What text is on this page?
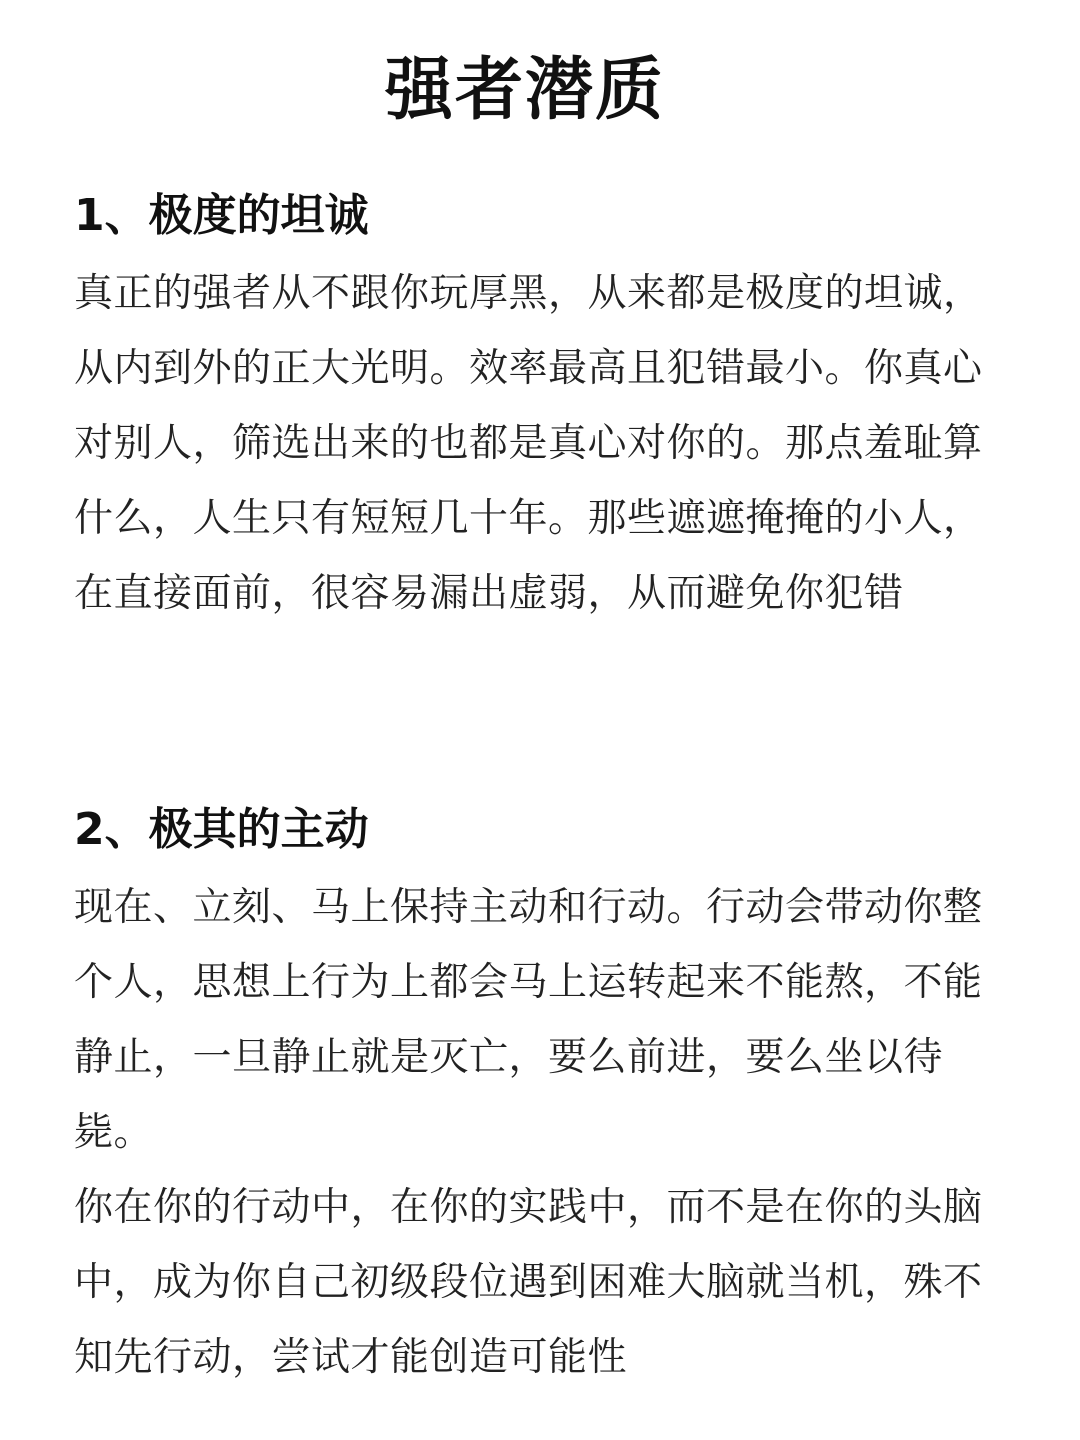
强者潜质
1、极度的坦诚
真正的强者从不跟你玩厚黑，从来都是极度的坦诚，从内到外的正大光明。效率最高且犯错最小。你真心对别人，筛选出来的也都是真心对你的。那点羞耻算什么，人生只有短短几十年。那些遮遮掩掩的小人，在直接面前，很容易漏出虚弱，从而避免你犯错
2、极其的主动
现在、立刻、马上保持主动和行动。行动会带动你整个人，思想上行为上都会马上运转起来不能熬，不能静止，一旦静止就是灭亡，要么前进，要么坐以待毙。
你在你的行动中，在你的实践中，而不是在你的头脑中，成为你自己初级段位遇到困难大脑就当机，殊不知先行动，尝试才能创造可能性
